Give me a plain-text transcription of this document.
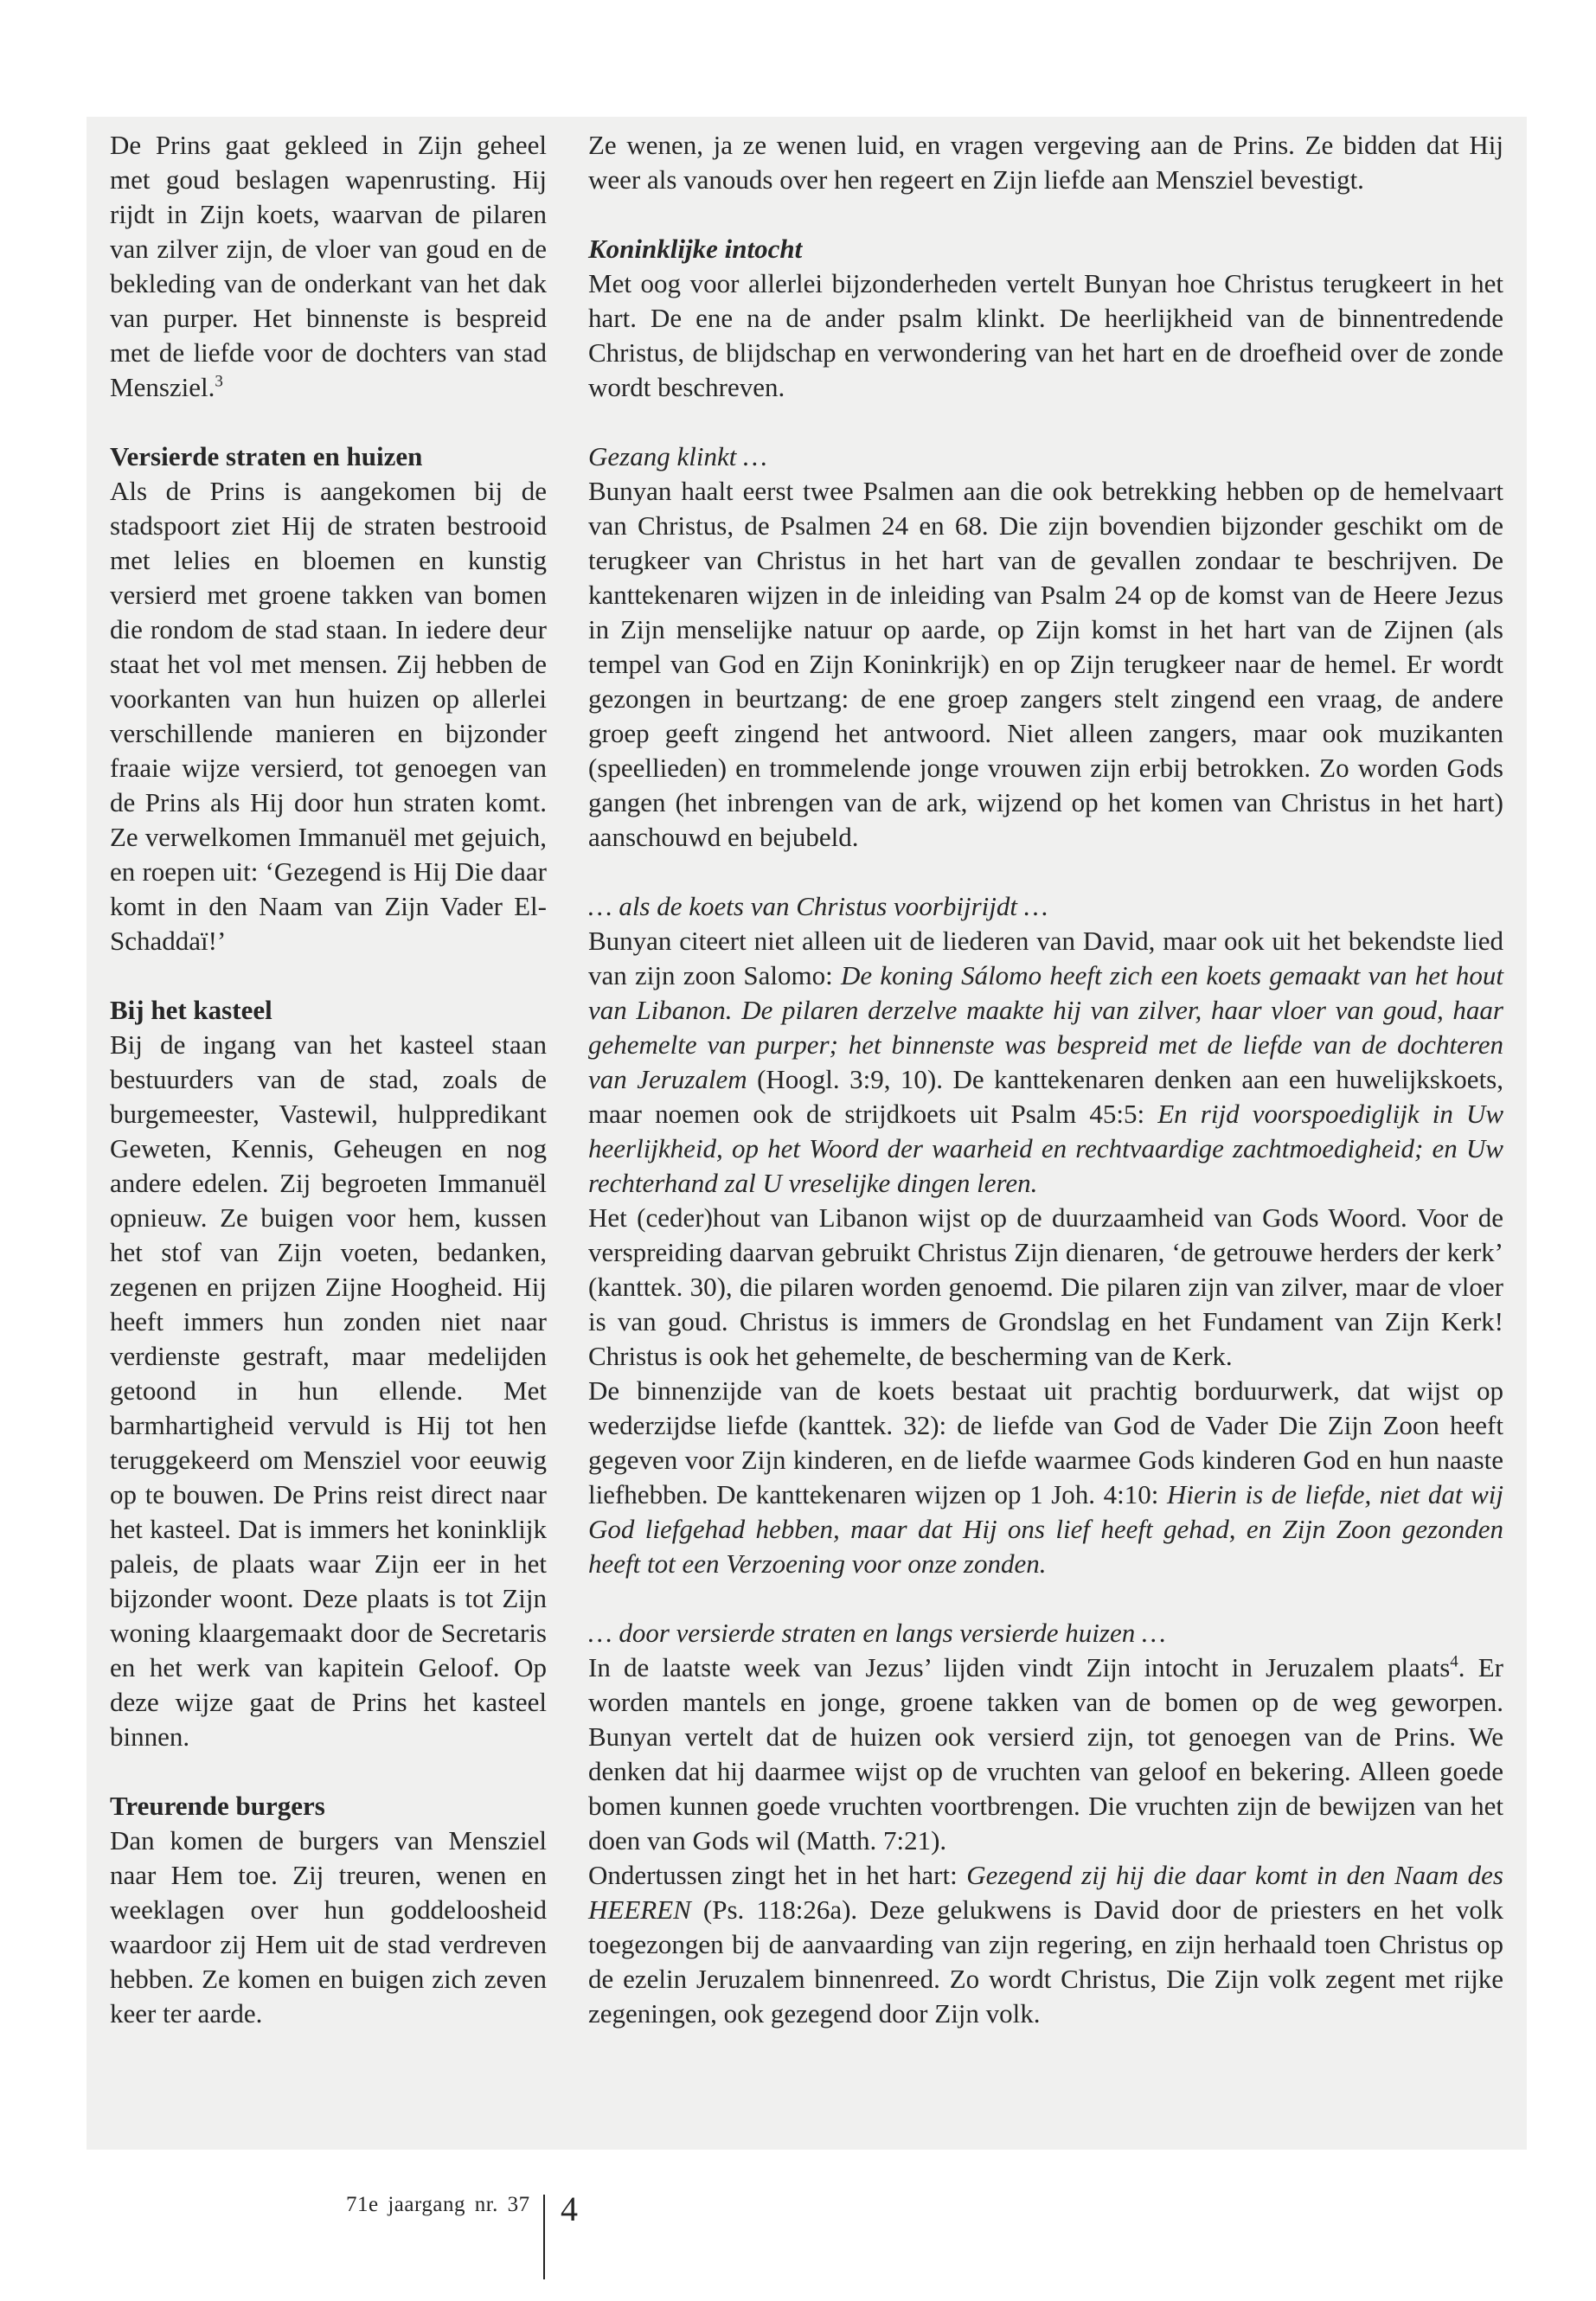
De Prins gaat gekleed in Zijn geheel met goud beslagen wapenrusting. Hij rijdt in Zijn koets, waarvan de pilaren van zilver zijn, de vloer van goud en de bekleding van de onderkant van het dak van purper. Het binnenste is bespreid met de liefde voor de dochters van stad Mensziel.$^3$

Versierde straten en huizen

Als de Prins is aangekomen bij de stadspoort ziet Hij de straten bestrooid met lelies en bloemen en kunstig versierd met groene takken van bomen die rondom de stad staan. In iedere deur staat het vol met mensen. Zij hebben de voorkanten van hun huizen op allerlei verschillende manieren en bijzonder fraaie wijze versierd, tot genoegen van de Prins als Hij door hun straten komt. Ze verwelkomen Immanuël met gejuich, en roepen uit: ‘Gezegend is Hij Die daar komt in den Naam van Zijn Vader El-Schaddaï!’

Bij het kasteel

Bij de ingang van het kasteel staan bestuurders van de stad, zoals de burgemeester, Vastewil, hulppredikant Geweten, Kennis, Geheugen en nog andere edelen. Zij begroeten Immanuël opnieuw. Ze buigen voor hem, kussen het stof van Zijn voeten, bedanken, zegenen en prijzen Zijne Hoogheid. Hij heeft immers hun zonden niet naar verdienste gestraft, maar medelijden getoond in hun ellende. Met barmhartigheid vervuld is Hij tot hen teruggekeerd om Mensziel voor eeuwig op te bouwen. De Prins reist direct naar het kasteel. Dat is immers het koninklijk paleis, de plaats waar Zijn eer in het bijzonder woont. Deze plaats is tot Zijn woning klaargemaakt door de Secretaris en het werk van kapitein Geloof. Op deze wijze gaat de Prins het kasteel binnen.

Treurende burgers

Dan komen de burgers van Mensziel naar Hem toe. Zij treuren, wenen en weeklagen over hun goddeloosheid waardoor zij Hem uit de stad verdreven hebben. Ze komen en buigen zich zeven keer ter aarde.

Ze wenen, ja ze wenen luid, en vragen vergeving aan de Prins. Ze bidden dat Hij weer als vanouds over hen regeert en Zijn liefde aan Mensziel bevestigt.

Koninklijke intocht

Met oog voor allerlei bijzonderheden vertelt Bunyan hoe Christus terugkeert in het hart. De ene na de ander psalm klinkt. De heerlijkheid van de binnentredende Christus, de blijdschap en verwondering van het hart en de droefheid over de zonde wordt beschreven.

Gezang klinkt …

Bunyan haalt eerst twee Psalmen aan die ook betrekking hebben op de hemelvaart van Christus, de Psalmen 24 en 68. Die zijn bovendien bijzonder geschikt om de terugkeer van Christus in het hart van de gevallen zondaar te beschrijven. De kanttekenaren wijzen in de inleiding van Psalm 24 op de komst van de Heere Jezus in Zijn menselijke natuur op aarde, op Zijn komst in het hart van de Zijnen (als tempel van God en Zijn Koninkrijk) en op Zijn terugkeer naar de hemel. Er wordt gezongen in beurtzang: de ene groep zangers stelt zingend een vraag, de andere groep geeft zingend het antwoord. Niet alleen zangers, maar ook muzikanten (speellieden) en trommelende jonge vrouwen zijn erbij betrokken. Zo worden Gods gangen (het inbrengen van de ark, wijzend op het komen van Christus in het hart) aanschouwd en bejubeld.

… als de koets van Christus voorbijrijdt …

Bunyan citeert niet alleen uit de liederen van David, maar ook uit het bekendste lied van zijn zoon Salomo: De koning Sálomo heeft zich een koets gemaakt van het hout van Libanon. De pilaren derzelve maakte hij van zilver, haar vloer van goud, haar gehemelte van purper; het binnenste was bespreid met de liefde van de dochteren van Jeruzalem (Hoogl. 3:9, 10). De kanttekenaren denken aan een huwelijkskoets, maar noemen ook de strijdkoets uit Psalm 45:5: En rijd voorspoediglijk in Uw heerlijkheid, op het Woord der waarheid en rechtvaardige zachtmoedigheid; en Uw rechterhand zal U vreselijke dingen leren.

Het (ceder)hout van Libanon wijst op de duurzaamheid van Gods Woord. Voor de verspreiding daarvan gebruikt Christus Zijn dienaren, ‘de getrouwe herders der kerk’ (kanttek. 30), die pilaren worden genoemd. Die pilaren zijn van zilver, maar de vloer is van goud. Christus is immers de Grondslag en het Fundament van Zijn Kerk! Christus is ook het gehemelte, de bescherming van de Kerk.

De binnenzijde van de koets bestaat uit prachtig borduurwerk, dat wijst op wederzijdse liefde (kanttek. 32): de liefde van God de Vader Die Zijn Zoon heeft gegeven voor Zijn kinderen, en de liefde waarmee Gods kinderen God en hun naaste liefhebben. De kanttekenaren wijzen op 1 Joh. 4:10: Hierin is de liefde, niet dat wij God liefgehad hebben, maar dat Hij ons lief heeft gehad, en Zijn Zoon gezonden heeft tot een Verzoening voor onze zonden.

… door versierde straten en langs versierde huizen …

In de laatste week van Jezus’ lijden vindt Zijn intocht in Jeruzalem plaats$^4$. Er worden mantels en jonge, groene takken van de bomen op de weg geworpen. Bunyan vertelt dat de huizen ook versierd zijn, tot genoegen van de Prins. We denken dat hij daarmee wijst op de vruchten van geloof en bekering. Alleen goede bomen kunnen goede vruchten voortbrengen. Die vruchten zijn de bewijzen van het doen van Gods wil (Matth. 7:21).

Ondertussen zingt het in het hart: Gezegend zij hij die daar komt in den Naam des HEEREN (Ps. 118:26a). Deze gelukwens is David door de priesters en het volk toegezongen bij de aanvaarding van zijn regering, en zijn herhaald toen Christus op de ezelin Jeruzalem binnenreed. Zo wordt Christus, Die Zijn volk zegent met rijke zegeningen, ook gezegend door Zijn volk.

71e jaargang nr. 37 4
